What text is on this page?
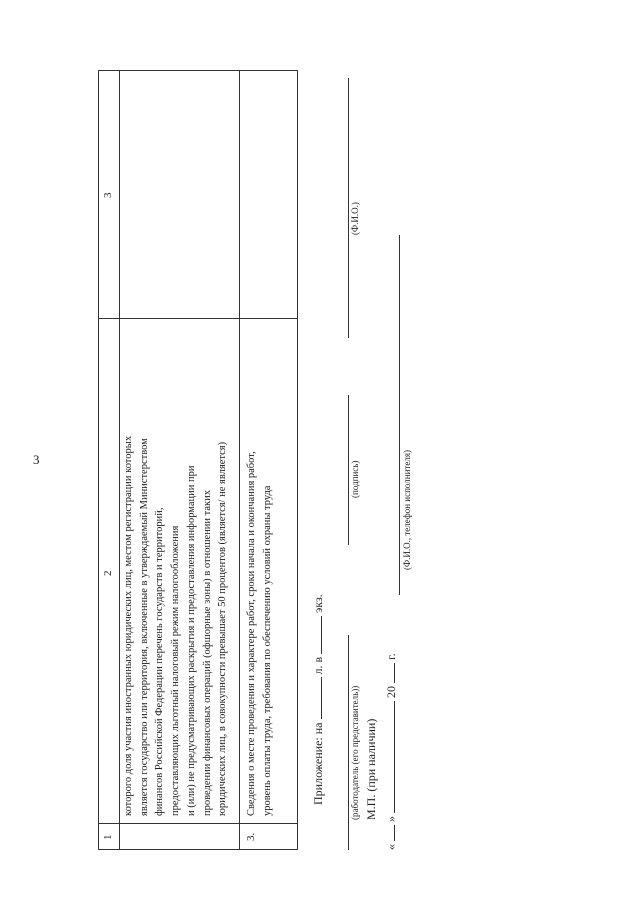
3
1
2
3
которого доля участия иностранных юридических лиц, местом регистрации которых является государство или территория, включенные в утверждаемый Министерством финансов Российской Федерации перечень государств и территорий, предоставляющих льготный налоговый режим налогообложения и (или) не предусматривающих раскрытия и предоставления информации при проведении финансовых операций (офшорные зоны) в отношении таких юридических лиц, в совокупности превышает 50 процентов (является/ не является)
3.
Сведения о месте проведения и характере работ, сроки начала и окончания работ, уровень оплаты труда, требования по обеспечению условий охраны труда	Приложение: на  л. в  экз.
(работодатель (его представитель))
(подпись)
(Ф.И.О.)
М.П. (при наличии)
«  »  20  г.
(Ф.И.О., телефон исполнителя)
